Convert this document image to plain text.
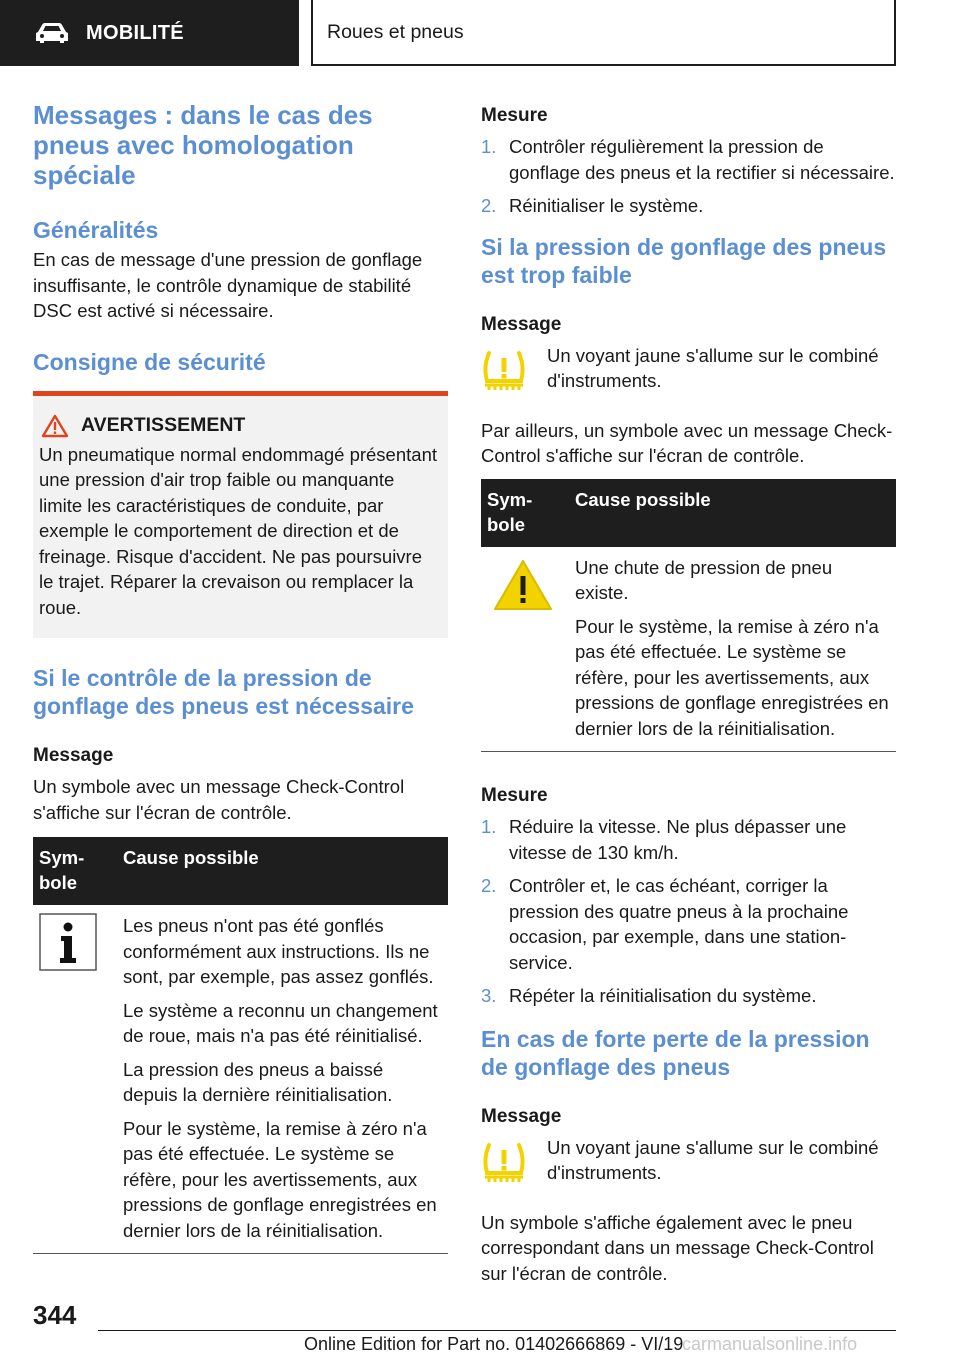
MOBILITÉ	Roues et pneus
Messages : dans le cas des pneus avec homologation spéciale
Généralités
En cas de message d'une pression de gonflage insuffisante, le contrôle dynamique de stabilité DSC est activé si nécessaire.
Consigne de sécurité
AVERTISSEMENT
Un pneumatique normal endommagé présentant une pression d'air trop faible ou manquante limite les caractéristiques de conduite, par exemple le comportement de direction et de freinage. Risque d'accident. Ne pas poursuivre le trajet. Réparer la crevaison ou remplacer la roue.
Si le contrôle de la pression de gonflage des pneus est nécessaire
Message
Un symbole avec un message Check-Control s'affiche sur l'écran de contrôle.
Sym-
bole	Cause possible

Les pneus n'ont pas été gonflés conformément aux instructions. Ils ne sont, par exemple, pas assez gonflés.
Le système a reconnu un changement de roue, mais n'a pas été réinitialisé.
La pression des pneus a baissé depuis la dernière réinitialisation.
Pour le système, la remise à zéro n'a pas été effectuée. Le système se réfère, pour les avertissements, aux pressions de gonflage enregistrées en dernier lors de la réinitialisation.
Mesure
1. Contrôler régulièrement la pression de gonflage des pneus et la rectifier si nécessaire.
2. Réinitialiser le système.
Si la pression de gonflage des pneus est trop faible
Message
Un voyant jaune s'allume sur le combiné d'instruments.
Par ailleurs, un symbole avec un message Check-Control s'affiche sur l'écran de contrôle.
Sym-
bole	Cause possible

Une chute de pression de pneu existe.
Pour le système, la remise à zéro n'a pas été effectuée. Le système se réfère, pour les avertissements, aux pressions de gonflage enregistrées en dernier lors de la réinitialisation.
Mesure
1. Réduire la vitesse. Ne plus dépasser une vitesse de 130 km/h.
2. Contrôler et, le cas échéant, corriger la pression des quatre pneus à la prochaine occasion, par exemple, dans une station-service.
3. Répéter la réinitialisation du système.
En cas de forte perte de la pression de gonflage des pneus
Message
Un voyant jaune s'allume sur le combiné d'instruments.
Un symbole s'affiche également avec le pneu correspondant dans un message Check-Control sur l'écran de contrôle.
344
Online Edition for Part no. 01402666869 - VI/19
carmanualsonline.info
